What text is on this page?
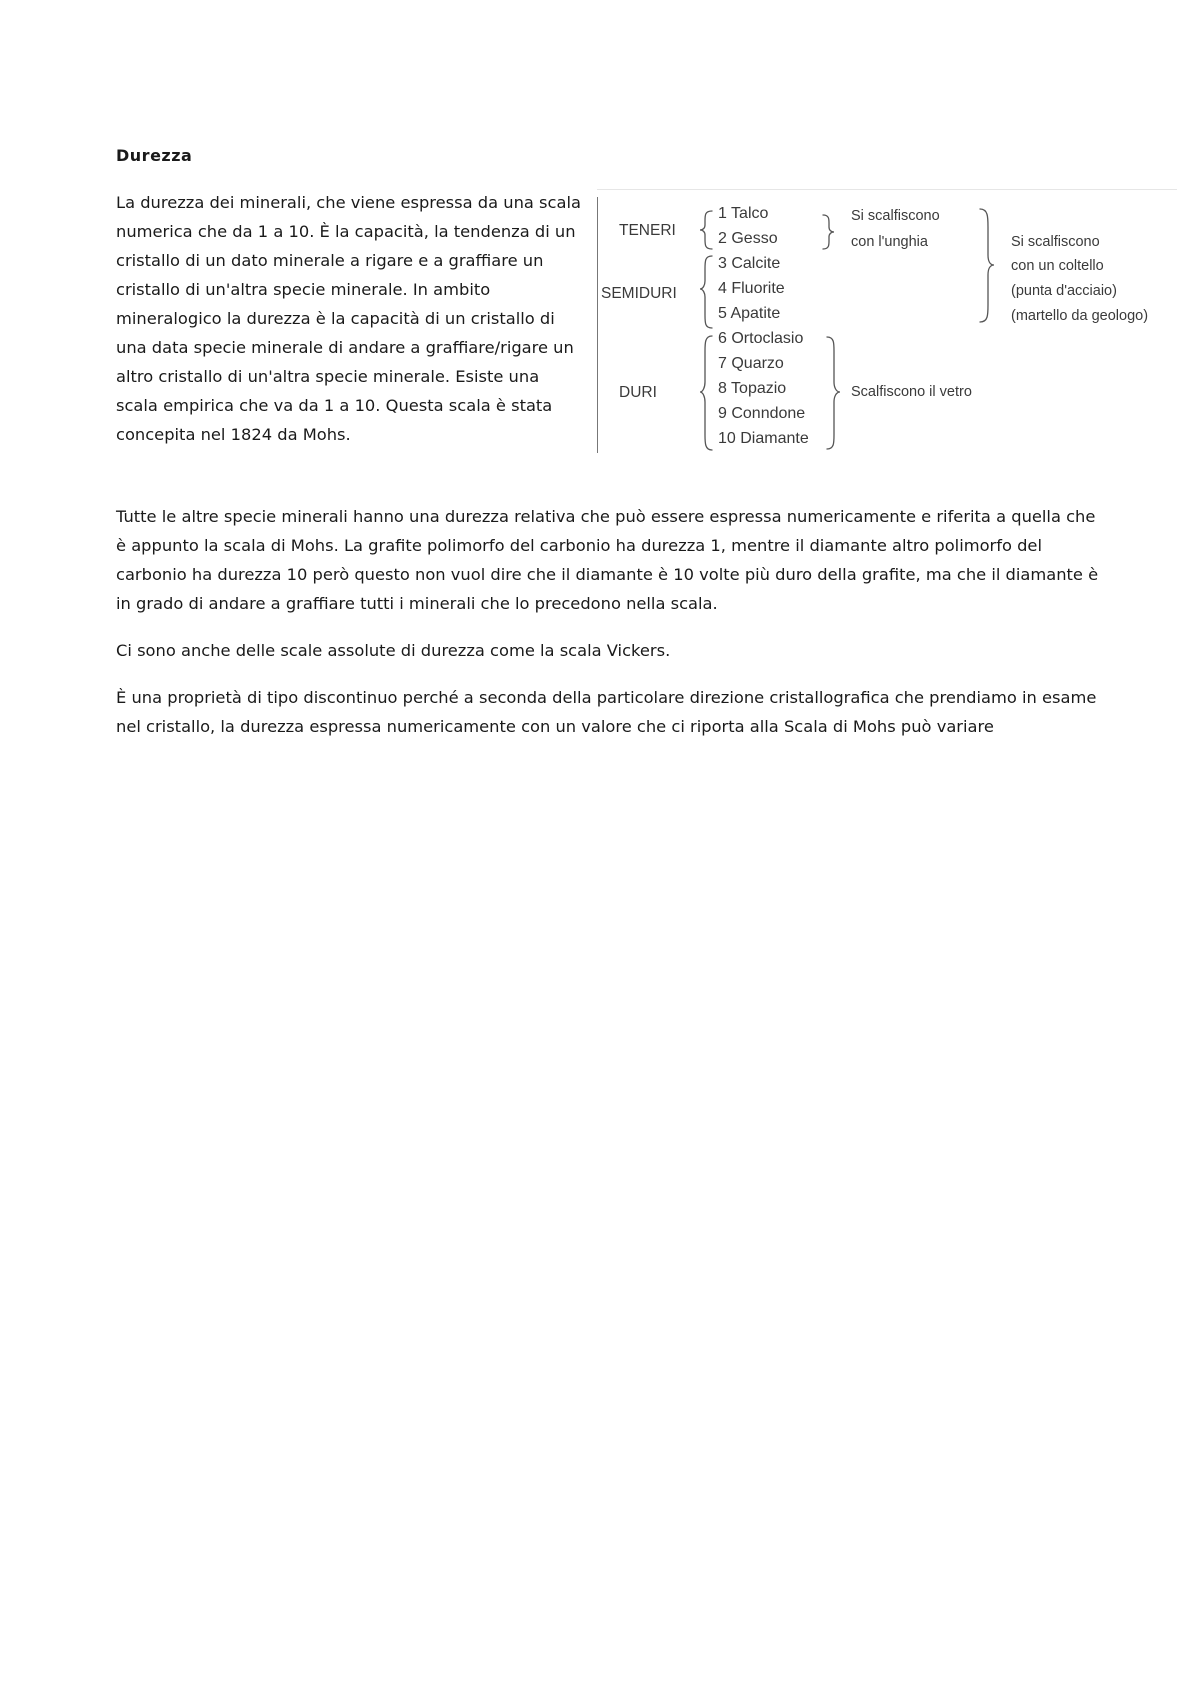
Durezza
La durezza dei minerali, che viene espressa da una scala numerica che da 1 a 10. È la capacità, la tendenza di un cristallo di un dato minerale a rigare e a graffiare un cristallo di un'altra specie minerale. In ambito mineralogico la durezza è la capacità di un cristallo di una data specie minerale di andare a graffiare/rigare un altro cristallo di un'altra specie minerale. Esiste una scala empirica che va da 1 a 10. Questa scala è stata concepita nel 1824 da Mohs.
TENERI
SEMIDURI
DURI
1 Talco
2 Gesso
3 Calcite
4 Fluorite
5 Apatite
6 Ortoclasio
7 Quarzo
8 Topazio
9 Conndone
10 Diamante
Si scalfiscono
con l'unghia	Si scalfiscono
con un coltello
(punta d'acciaio)
(martello da geologo)
Scalfiscono il vetro
Tutte le altre specie minerali hanno una durezza relativa che può essere espressa numericamente e riferita a quella che è appunto la scala di Mohs. La grafite polimorfo del carbonio ha durezza 1, mentre il diamante altro polimorfo del carbonio ha durezza 10 però questo non vuol dire che il diamante è 10 volte più duro della grafite, ma che il diamante è in grado di andare a graffiare tutti i minerali che lo precedono nella scala.
Ci sono anche delle scale assolute di durezza come la scala Vickers.
È una proprietà di tipo discontinuo perché a seconda della particolare direzione cristallografica che prendiamo in esame nel cristallo, la durezza espressa numericamente con un valore che ci riporta alla Scala di Mohs può variare
